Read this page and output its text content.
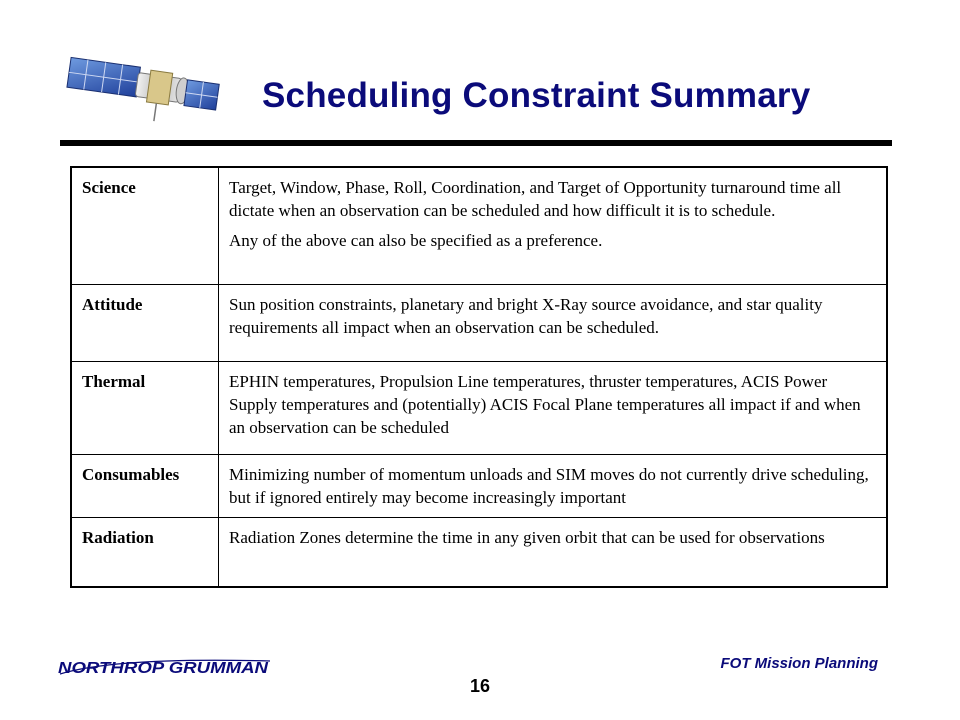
Scheduling Constraint Summary
Science	Target, Window, Phase, Roll, Coordination, and Target of Opportunity turnaround time all dictate when an observation can be scheduled and how difficult it is to schedule.

Any of the above can also be specified as a preference.

Attitude	Sun position constraints, planetary and bright X-Ray source avoidance, and star quality requirements all impact when an observation can be scheduled.

Thermal	EPHIN temperatures, Propulsion Line temperatures, thruster temperatures, ACIS Power Supply temperatures and (potentially) ACIS Focal Plane temperatures all impact if and when an observation can be scheduled

Consumables	Minimizing number of momentum unloads and SIM moves do not currently drive scheduling, but if ignored entirely may become increasingly important

Radiation	Radiation Zones determine the time in any given orbit that can be used for observations

NORTHROP GRUMMAN	FOT Mission Planning
16
